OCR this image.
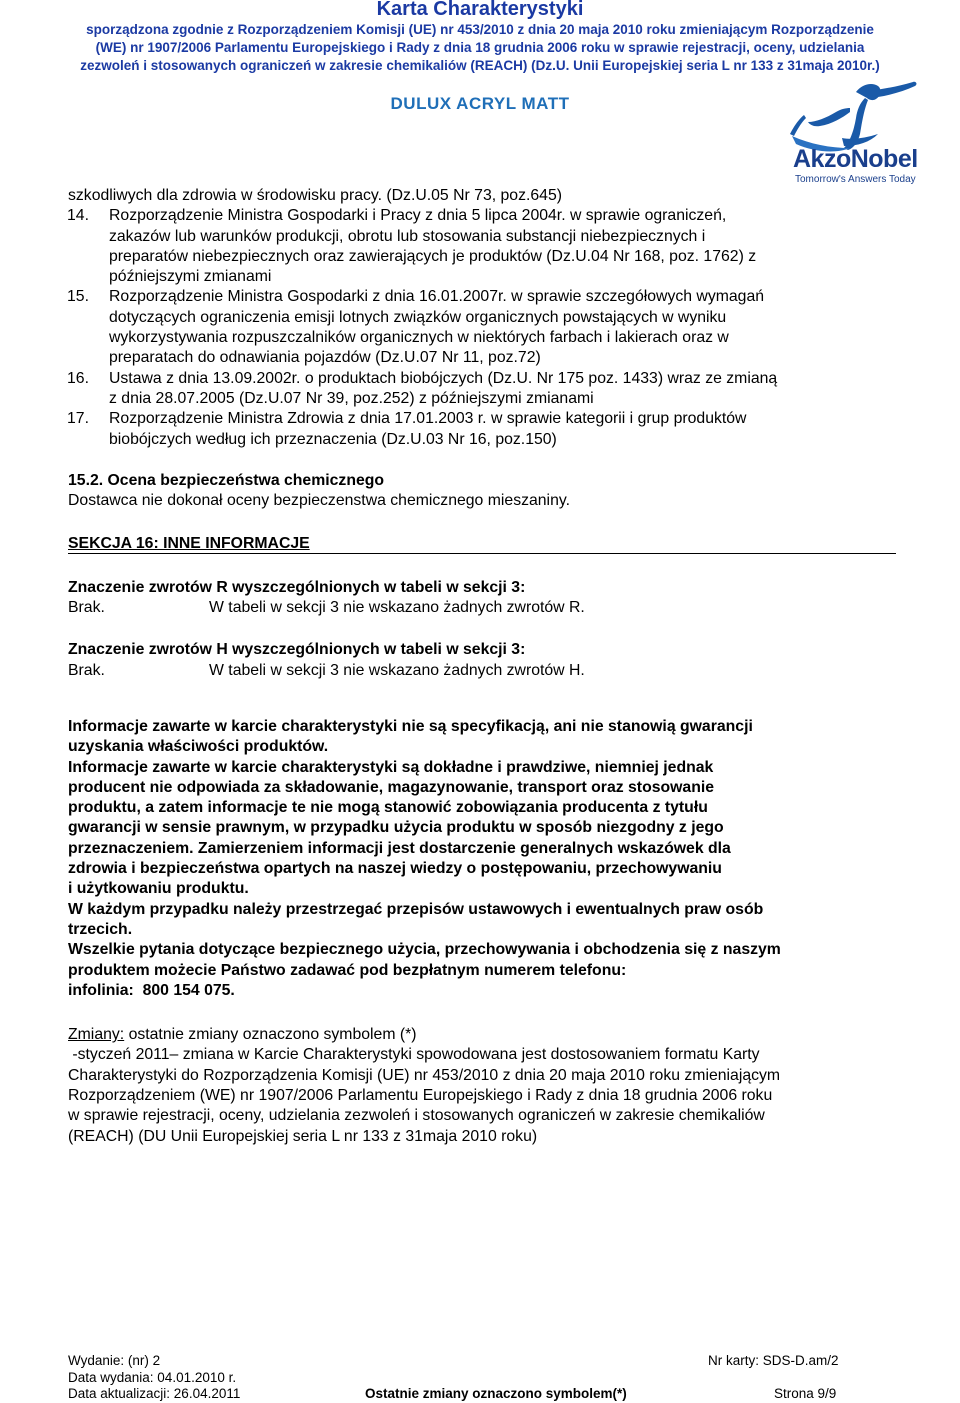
Karta Charakterystyki
sporządzona zgodnie z Rozporządzeniem Komisji (UE) nr 453/2010 z dnia 20 maja 2010 roku zmieniającym Rozporządzenie
(WE) nr 1907/2006 Parlamentu Europejskiego i Rady z dnia 18 grudnia 2006 roku w sprawie rejestracji, oceny, udzielania
zezwoleń i stosowanych ograniczeń w zakresie chemikaliów (REACH) (Dz.U. Unii Europejskiej seria L nr 133 z 31maja 2010r.)
DULUX ACRYL MATT
AkzoNobel
Tomorrow's Answers Today

szkodliwych dla zdrowia w środowisku pracy. (Dz.U.05 Nr 73, poz.645)

14. Rozporządzenie Ministra Gospodarki i Pracy z dnia 5 lipca 2004r. w sprawie ograniczeń,
zakazów lub warunków produkcji, obrotu lub stosowania substancji niebezpiecznych i
preparatów niebezpiecznych oraz zawierających je produktów (Dz.U.04 Nr 168, poz. 1762) z
późniejszymi zmianami
15. Rozporządzenie Ministra Gospodarki z dnia 16.01.2007r. w sprawie szczegółowych wymagań
dotyczących ograniczenia emisji lotnych związków organicznych powstających w wyniku
wykorzystywania rozpuszczalników organicznych w niektórych farbach i lakierach oraz w
preparatach do odnawiania pojazdów (Dz.U.07 Nr 11, poz.72)
16. Ustawa z dnia 13.09.2002r. o produktach biobójczych (Dz.U. Nr 175 poz. 1433) wraz ze zmianą
z dnia 28.07.2005 (Dz.U.07 Nr 39, poz.252) z późniejszymi zmianami
17. Rozporządzenie Ministra Zdrowia z dnia 17.01.2003 r. w sprawie kategorii i grup produktów
biobójczych według ich przeznaczenia (Dz.U.03 Nr 16, poz.150)

15.2. Ocena bezpieczeństwa chemicznego

Dostawca nie dokonał oceny bezpieczenstwa chemicznego mieszaniny.

SEKCJA 16: INNE INFORMACJE

Znaczenie zwrotów R wyszczególnionych w tabeli w sekcji 3:

Brak.	W tabeli w sekcji 3 nie wskazano żadnych zwrotów R.

Znaczenie zwrotów H wyszczególnionych w tabeli w sekcji 3:

Brak.	W tabeli w sekcji 3 nie wskazano żadnych zwrotów H.
Informacje zawarte w karcie charakterystyki nie są specyfikacją, ani nie stanowią gwarancji
uzyskania właściwości produktów.
Informacje zawarte w karcie charakterystyki są dokładne i prawdziwe, niemniej jednak
producent nie odpowiada za składowanie, magazynowanie, transport oraz stosowanie
produktu, a zatem informacje te nie mogą stanowić zobowiązania producenta z tytułu
gwarancji w sensie prawnym, w przypadku użycia produktu w sposób niezgodny z jego
przeznaczeniem. Zamierzeniem informacji jest dostarczenie generalnych wskazówek dla
zdrowia i bezpieczeństwa opartych na naszej wiedzy o postępowaniu, przechowywaniu
i użytkowaniu produktu.
W każdym przypadku należy przestrzegać przepisów ustawowych i ewentualnych praw osób
trzecich.
Wszelkie pytania dotyczące bezpiecznego użycia, przechowywania i obchodzenia się z naszym
produktem możecie Państwo zadawać pod bezpłatnym numerem telefonu:
infolinia:  800 154 075.

Zmiany: ostatnie zmiany oznaczono symbolem (*)

-styczeń 2011– zmiana w Karcie Charakterystyki spowodowana jest dostosowaniem formatu Karty
Charakterystyki do Rozporządzenia Komisji (UE) nr 453/2010 z dnia 20 maja 2010 roku zmieniającym
Rozporządzeniem (WE) nr 1907/2006 Parlamentu Europejskiego i Rady z dnia 18 grudnia 2006 roku
w sprawie rejestracji, oceny, udzielania zezwoleń i stosowanych ograniczeń w zakresie chemikaliów
(REACH) (DU Unii Europejskiej seria L nr 133 z 31maja 2010 roku)
Wydanie: (nr) 2	Nr karty: SDS-D.am/2
Data wydania: 04.01.2010 r.
Data aktualizacji: 26.04.2011	Ostatnie zmiany oznaczono symbolem(*)	Strona 9/9
